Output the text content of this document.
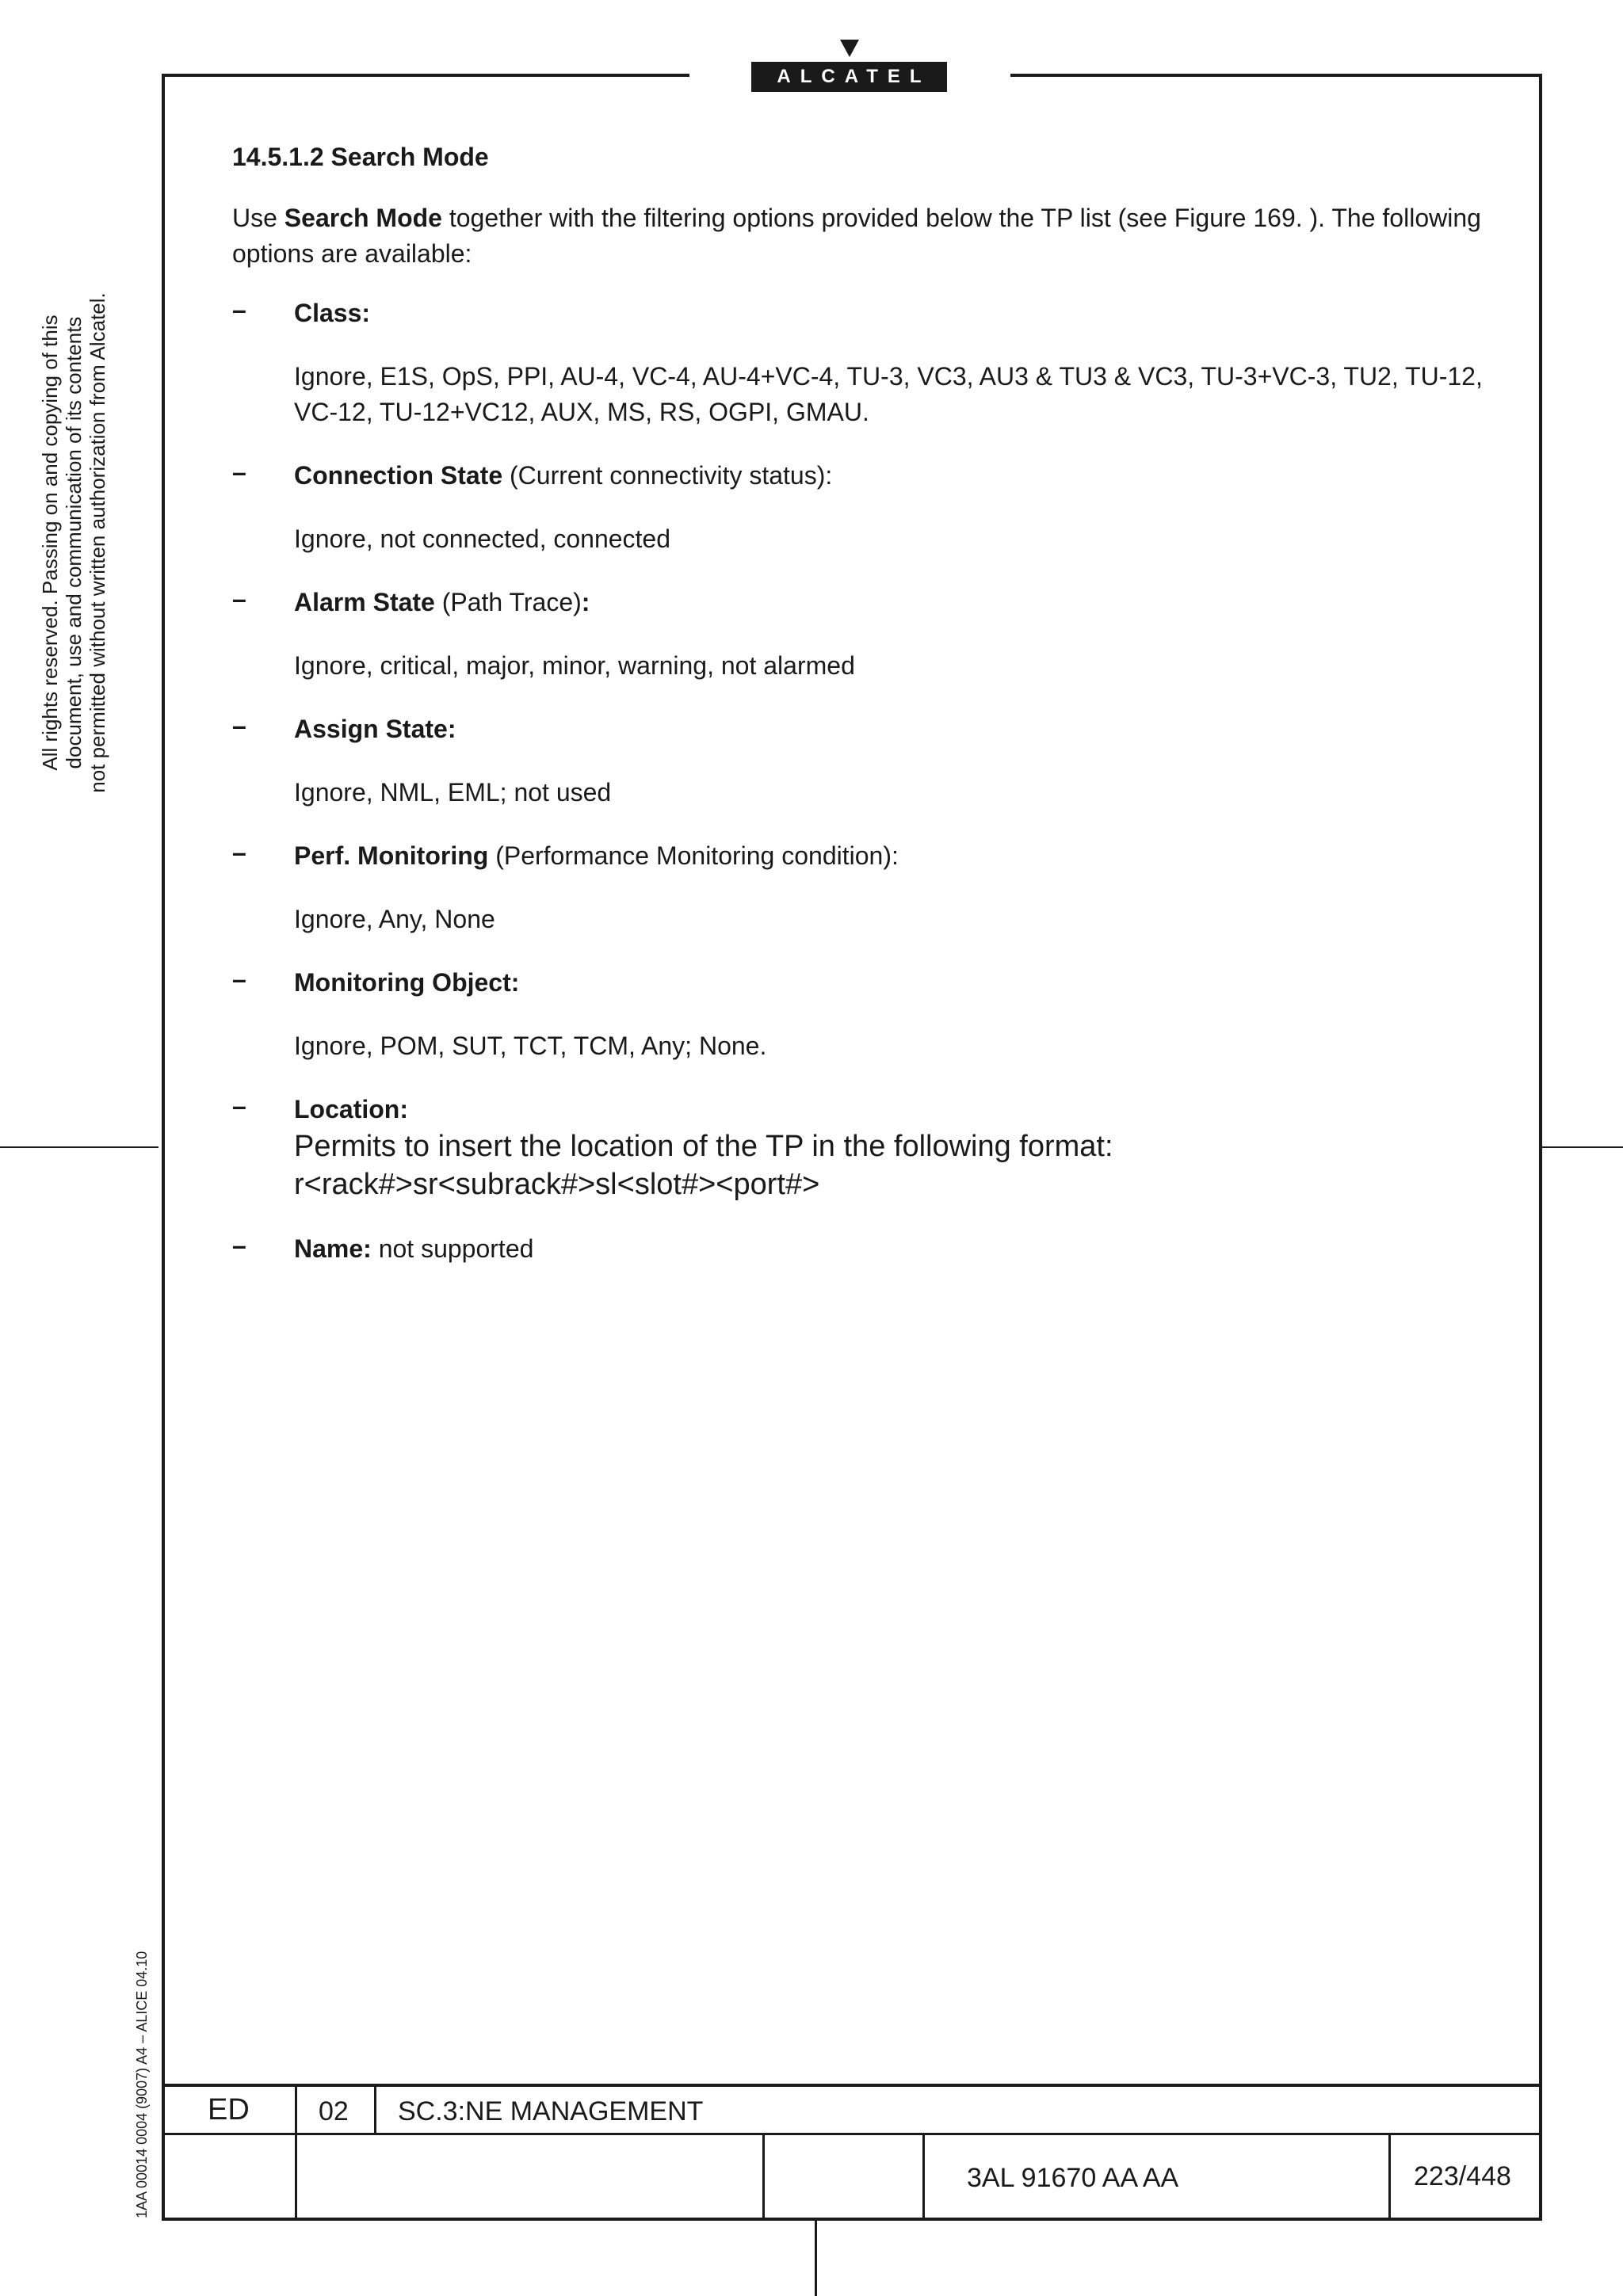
ALCATEL
All rights reserved. Passing on and copying of this document, use and communication of its contents not permitted without written authorization from Alcatel.
1AA 00014 0004 (9007) A4 – ALICE 04.10
14.5.1.2 Search Mode
Use Search Mode together with the filtering options provided below the TP list (see Figure 169. ). The following options are available:
– Class:
Ignore, E1S, OpS, PPI, AU-4, VC-4, AU-4+VC-4, TU-3, VC3, AU3 & TU3 & VC3, TU-3+VC-3, TU2, TU-12, VC-12, TU-12+VC12, AUX, MS, RS, OGPI, GMAU.
– Connection State (Current connectivity status):
Ignore, not connected, connected
– Alarm State (Path Trace):
Ignore, critical, major, minor, warning, not alarmed
– Assign State:
Ignore, NML, EML; not used
– Perf. Monitoring (Performance Monitoring condition):
Ignore, Any, None
– Monitoring Object:
Ignore, POM, SUT, TCT, TCM, Any; None.
– Location:
Permits to insert the location of the TP in the following format:
r<rack#>sr<subrack#>sl<slot#><port#>
– Name: not supported
ED	02 SC.3:NE MANAGEMENT
3AL 91670 AA AA	223/448
